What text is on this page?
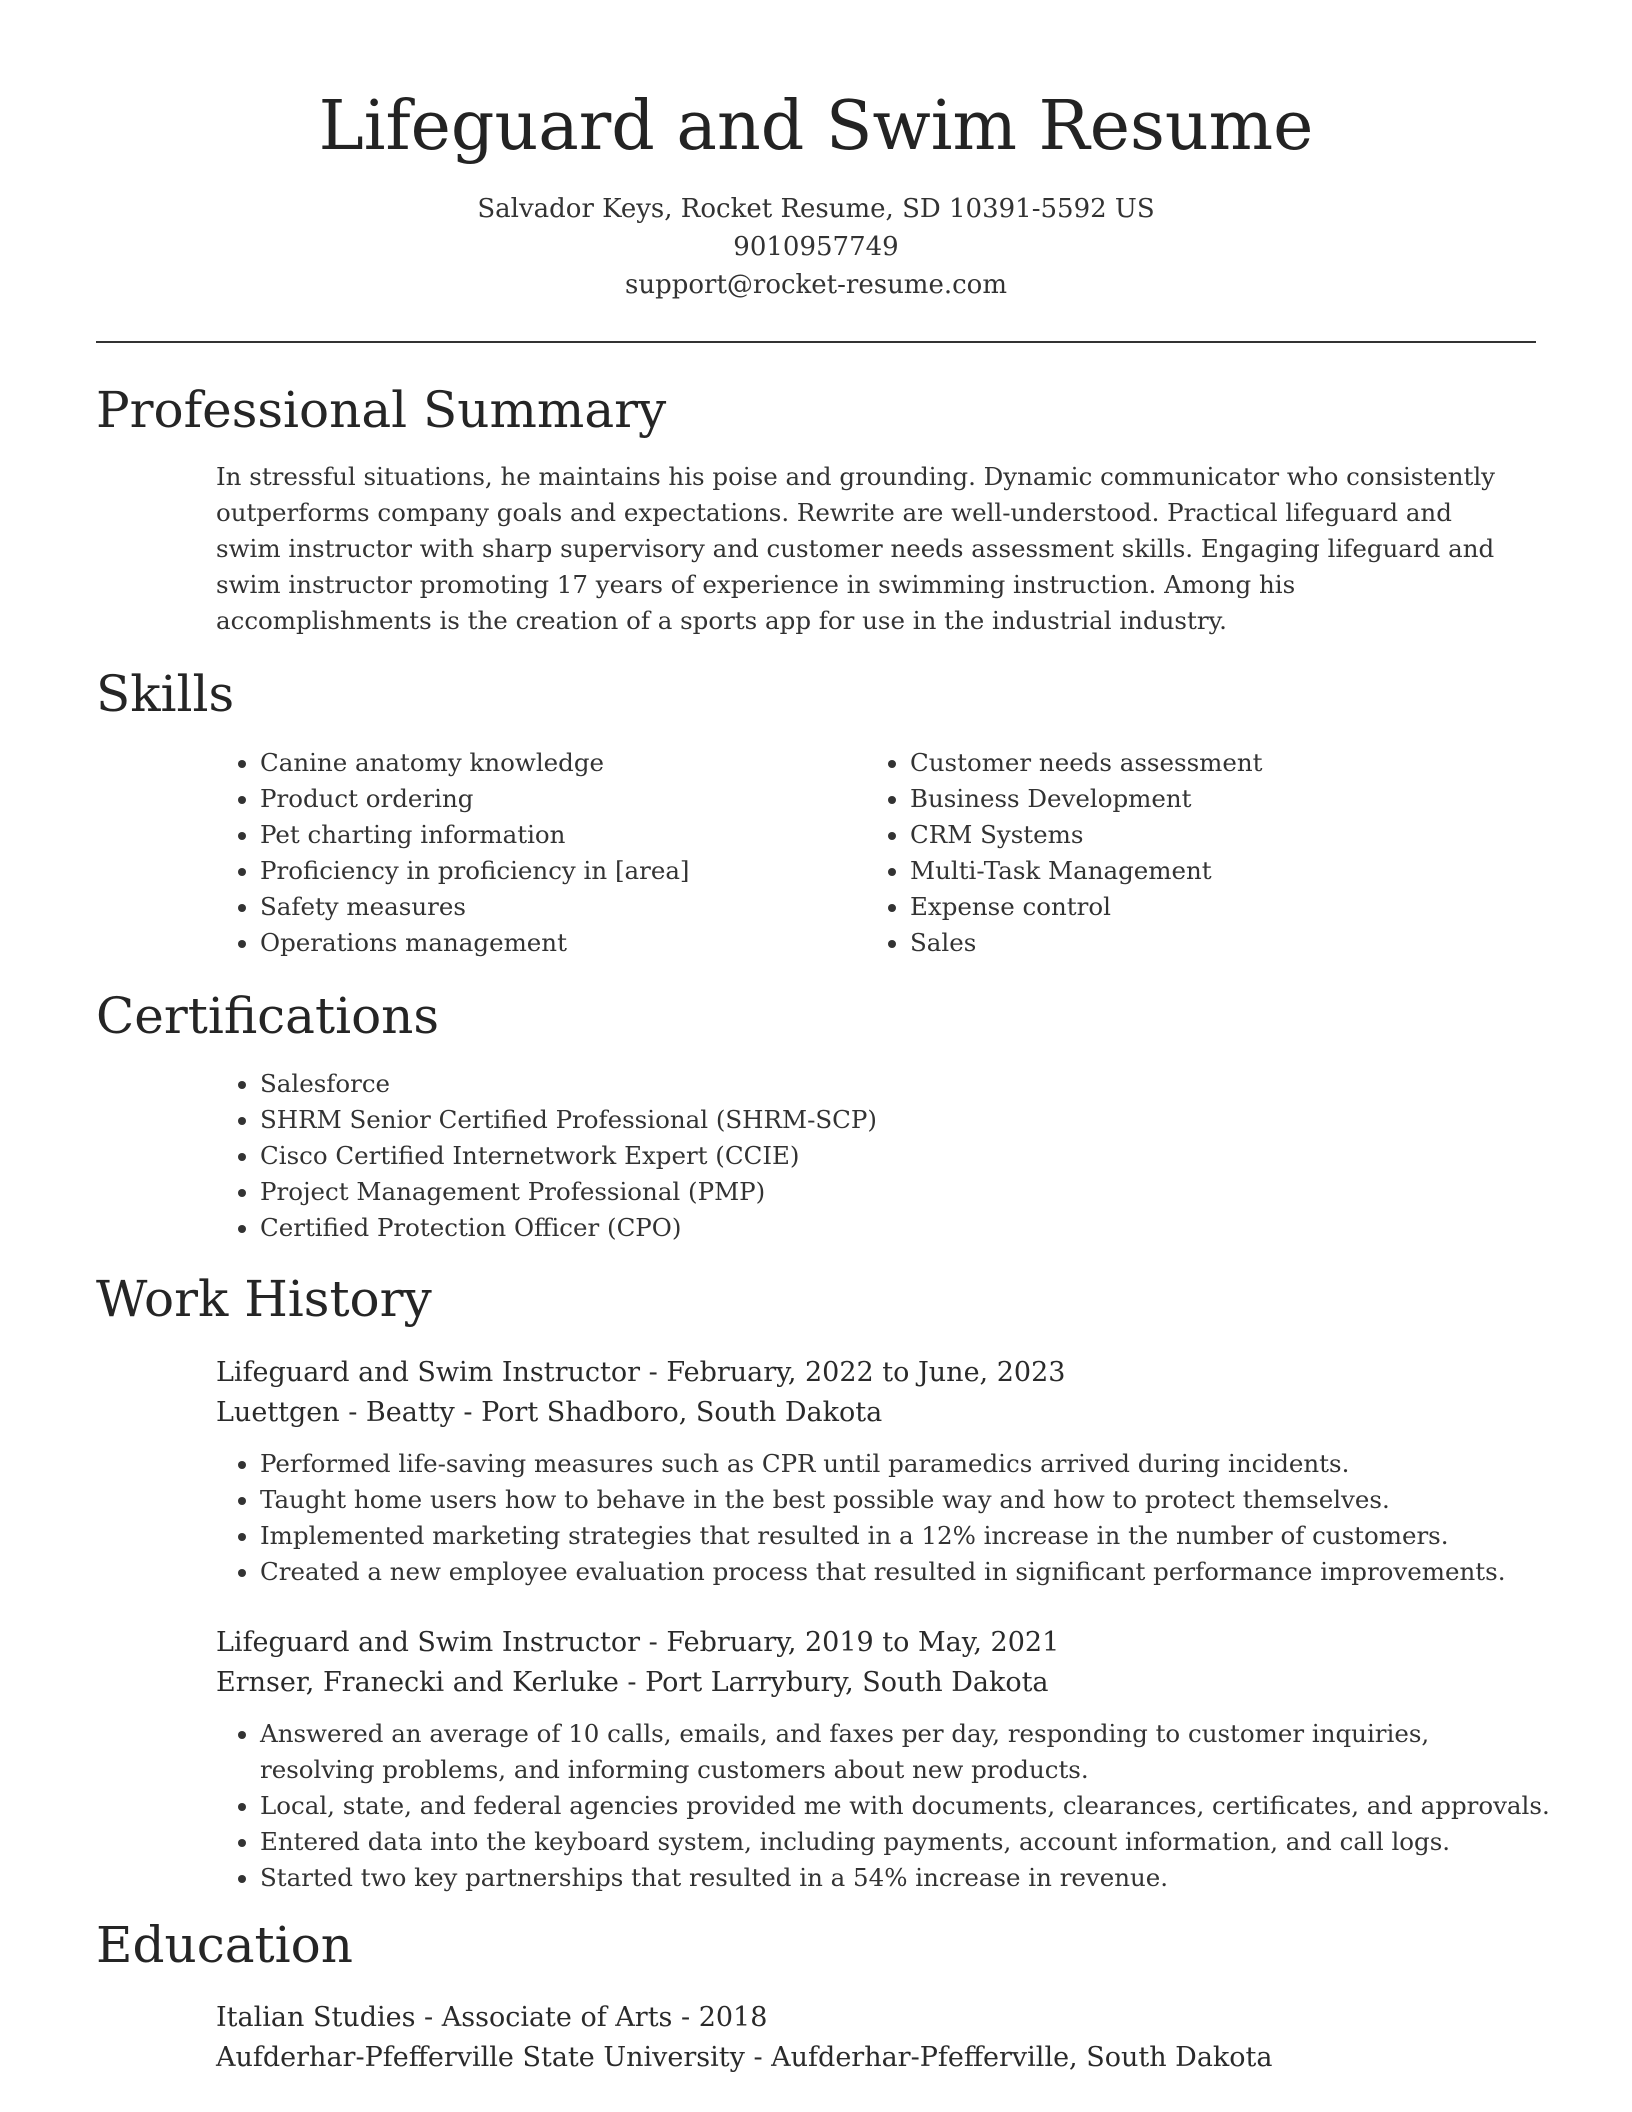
Lifeguard and Swim Resume
Salvador Keys, Rocket Resume, SD 10391-5592 US
9010957749
support@rocket-resume.com
Professional Summary

In stressful situations, he maintains his poise and grounding. Dynamic communicator who consistently outperforms company goals and expectations. Rewrite are well-understood. Practical lifeguard and swim instructor with sharp supervisory and customer needs assessment skills. Engaging lifeguard and swim instructor promoting 17 years of experience in swimming instruction. Among his accomplishments is the creation of a sports app for use in the industrial industry.

Skills
• Canine anatomy knowledge
• Product ordering
• Pet charting information
• Proficiency in proficiency in [area]
• Safety measures
• Operations management
• Customer needs assessment
• Business Development
• CRM Systems
• Multi-Task Management
• Expense control
• Sales
Certifications
• Salesforce
• SHRM Senior Certified Professional (SHRM-SCP)
• Cisco Certified Internetwork Expert (CCIE)
• Project Management Professional (PMP)
• Certified Protection Officer (CPO)
Work History
Lifeguard and Swim Instructor - February, 2022 to June, 2023
Luettgen - Beatty - Port Shadboro, South Dakota
• Performed life-saving measures such as CPR until paramedics arrived during incidents.
• Taught home users how to behave in the best possible way and how to protect themselves.
• Implemented marketing strategies that resulted in a 12% increase in the number of customers.
• Created a new employee evaluation process that resulted in significant performance improvements.
Lifeguard and Swim Instructor - February, 2019 to May, 2021
Ernser, Franecki and Kerluke - Port Larrybury, South Dakota
• Answered an average of 10 calls, emails, and faxes per day, responding to customer inquiries, resolving problems, and informing customers about new products.
• Local, state, and federal agencies provided me with documents, clearances, certificates, and approvals.
• Entered data into the keyboard system, including payments, account information, and call logs.
• Started two key partnerships that resulted in a 54% increase in revenue.
Education
Italian Studies - Associate of Arts - 2018
Aufderhar-Pfefferville State University - Aufderhar-Pfefferville, South Dakota
